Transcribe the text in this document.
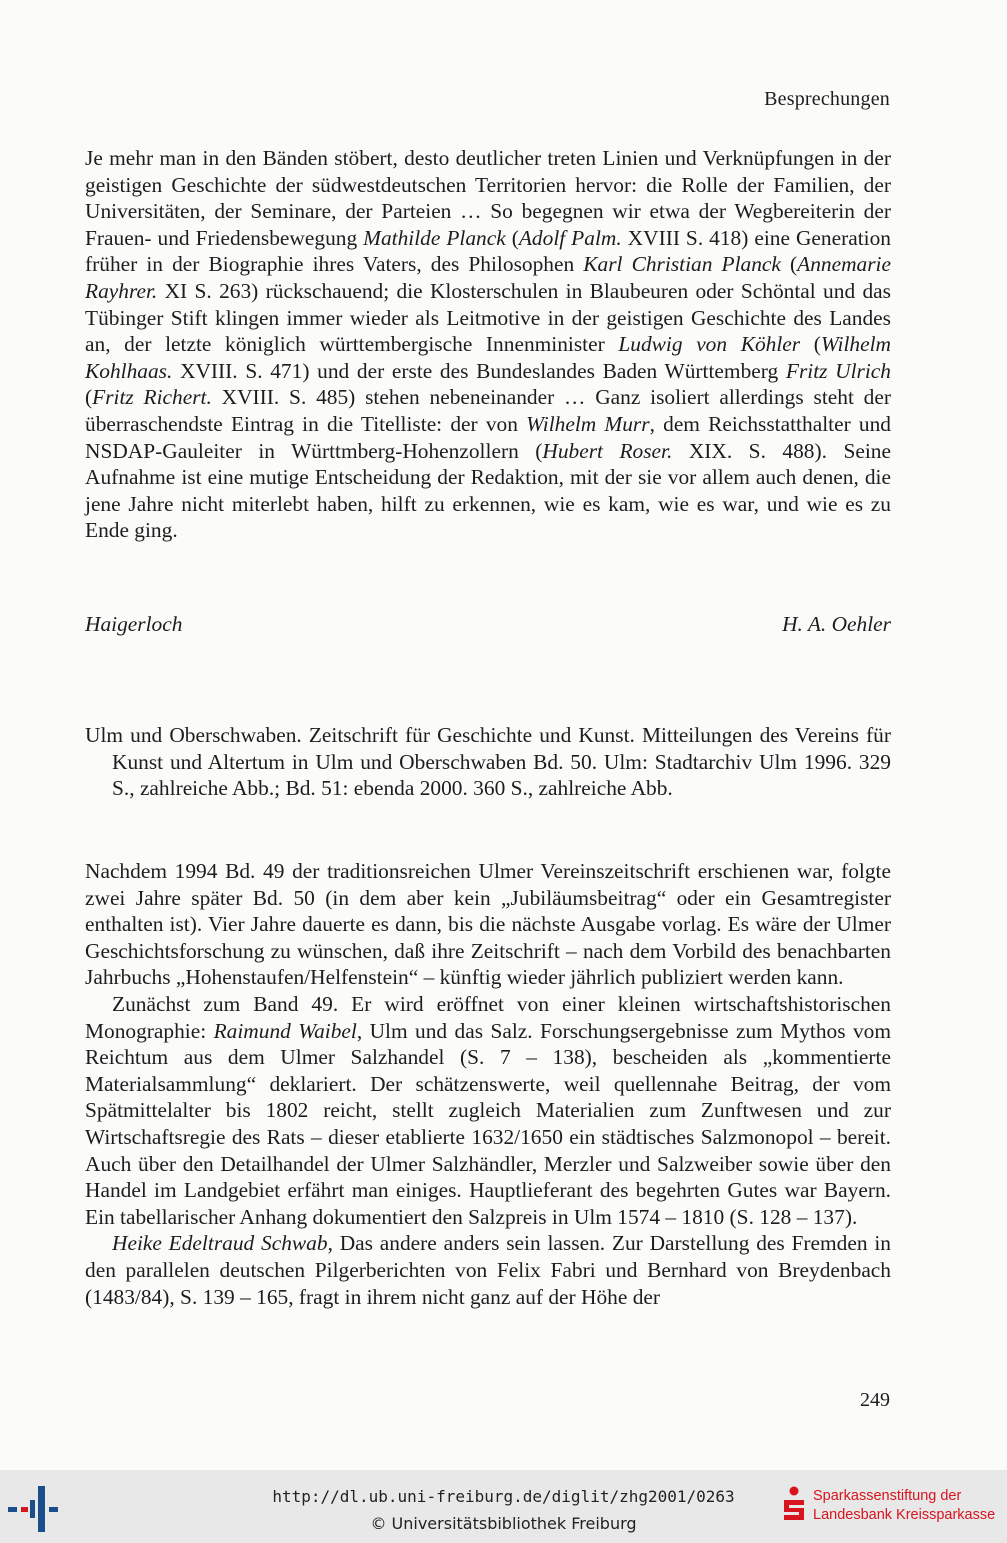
Besprechungen

Je mehr man in den Bänden stöbert, desto deutlicher treten Linien und Verknüpfungen in der geistigen Geschichte der südwestdeutschen Territorien hervor: die Rolle der Familien, der Universitäten, der Seminare, der Parteien … So begegnen wir etwa der Wegbereiterin der Frauen- und Friedensbewegung Mathilde Planck (Adolf Palm. XVIII S. 418) eine Generation früher in der Biographie ihres Vaters, des Philosophen Karl Christian Planck (Annemarie Rayhrer. XI S. 263) rückschauend; die Klosterschulen in Blaubeuren oder Schöntal und das Tübinger Stift klingen immer wieder als Leitmotive in der geistigen Geschichte des Landes an, der letzte königlich württembergische Innenminister Ludwig von Köhler (Wilhelm Kohlhaas. XVIII. S. 471) und der erste des Bundeslandes Baden Württemberg Fritz Ulrich (Fritz Richert. XVIII. S. 485) stehen nebeneinander … Ganz isoliert allerdings steht der überraschendste Eintrag in die Titelliste: der von Wilhelm Murr, dem Reichsstatthalter und NSDAP-Gauleiter in Württmberg-Hohenzollern (Hubert Roser. XIX. S. 488). Seine Aufnahme ist eine mutige Entscheidung der Redaktion, mit der sie vor allem auch denen, die jene Jahre nicht miterlebt haben, hilft zu erkennen, wie es kam, wie es war, und wie es zu Ende ging.

Haigerloch	H. A. Oehler
Ulm und Oberschwaben. Zeitschrift für Geschichte und Kunst. Mitteilungen des Vereins für Kunst und Altertum in Ulm und Oberschwaben Bd. 50. Ulm: Stadtarchiv Ulm 1996. 329 S., zahlreiche Abb.; Bd. 51: ebenda 2000. 360 S., zahlreiche Abb.

Nachdem 1994 Bd. 49 der traditionsreichen Ulmer Vereinszeitschrift erschienen war, folgte zwei Jahre später Bd. 50 (in dem aber kein „Jubiläumsbeitrag“ oder ein Gesamtregister enthalten ist). Vier Jahre dauerte es dann, bis die nächste Ausgabe vorlag. Es wäre der Ulmer Geschichtsforschung zu wünschen, daß ihre Zeitschrift – nach dem Vorbild des benachbarten Jahrbuchs „Hohenstaufen/Helfenstein“ – künftig wieder jährlich publiziert werden kann.

Zunächst zum Band 49. Er wird eröffnet von einer kleinen wirtschaftshistorischen Monographie: Raimund Waibel, Ulm und das Salz. Forschungsergebnisse zum Mythos vom Reichtum aus dem Ulmer Salzhandel (S. 7 – 138), bescheiden als „kommentierte Materialsammlung“ deklariert. Der schätzenswerte, weil quellennahe Beitrag, der vom Spätmittelalter bis 1802 reicht, stellt zugleich Materialien zum Zunftwesen und zur Wirtschaftsregie des Rats – dieser etablierte 1632/1650 ein städtisches Salzmonopol – bereit. Auch über den Detailhandel der Ulmer Salzhändler, Merzler und Salzweiber sowie über den Handel im Landgebiet erfährt man einiges. Hauptlieferant des begehrten Gutes war Bayern. Ein tabellarischer Anhang dokumentiert den Salzpreis in Ulm 1574 – 1810 (S. 128 – 137).

Heike Edeltraud Schwab, Das andere anders sein lassen. Zur Darstellung des Fremden in den parallelen deutschen Pilgerberichten von Felix Fabri und Bernhard von Breydenbach (1483/84), S. 139 – 165, fragt in ihrem nicht ganz auf der Höhe der

249
http://dl.ub.uni-freiburg.de/diglit/zhg2001/0263
© Universitätsbibliothek Freiburg
Sparkassenstiftung der
Landesbank Kreissparkasse
